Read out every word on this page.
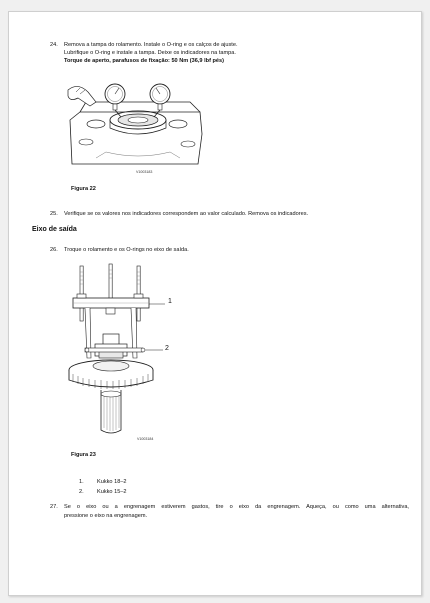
24. Remova a tampa do rolamento. Instale o O-ring e os calços de ajuste.
Lubrifique o O-ring e instale a tampa. Deixe os indicadores na tampa.
Torque de aperto, parafusos de fixação: 50 Nm (36,9 lbf pés)
V1003183
Figura 22
25. Verifique se os valores nos indicadores correspondem ao valor calculado. Remova os indicadores.
Eixo de saída
26. Troque o rolamento e os O-rings no eixo de saída.
1
2
V1003184
Figura 23
1. Kukko 18–2
2. Kukko 15–2
27. Se o eixo ou a engrenagem estiverem gastos, tire o eixo da engrenagem. Aqueça, ou como uma alternativa,
pressione o eixo na engrenagem.
